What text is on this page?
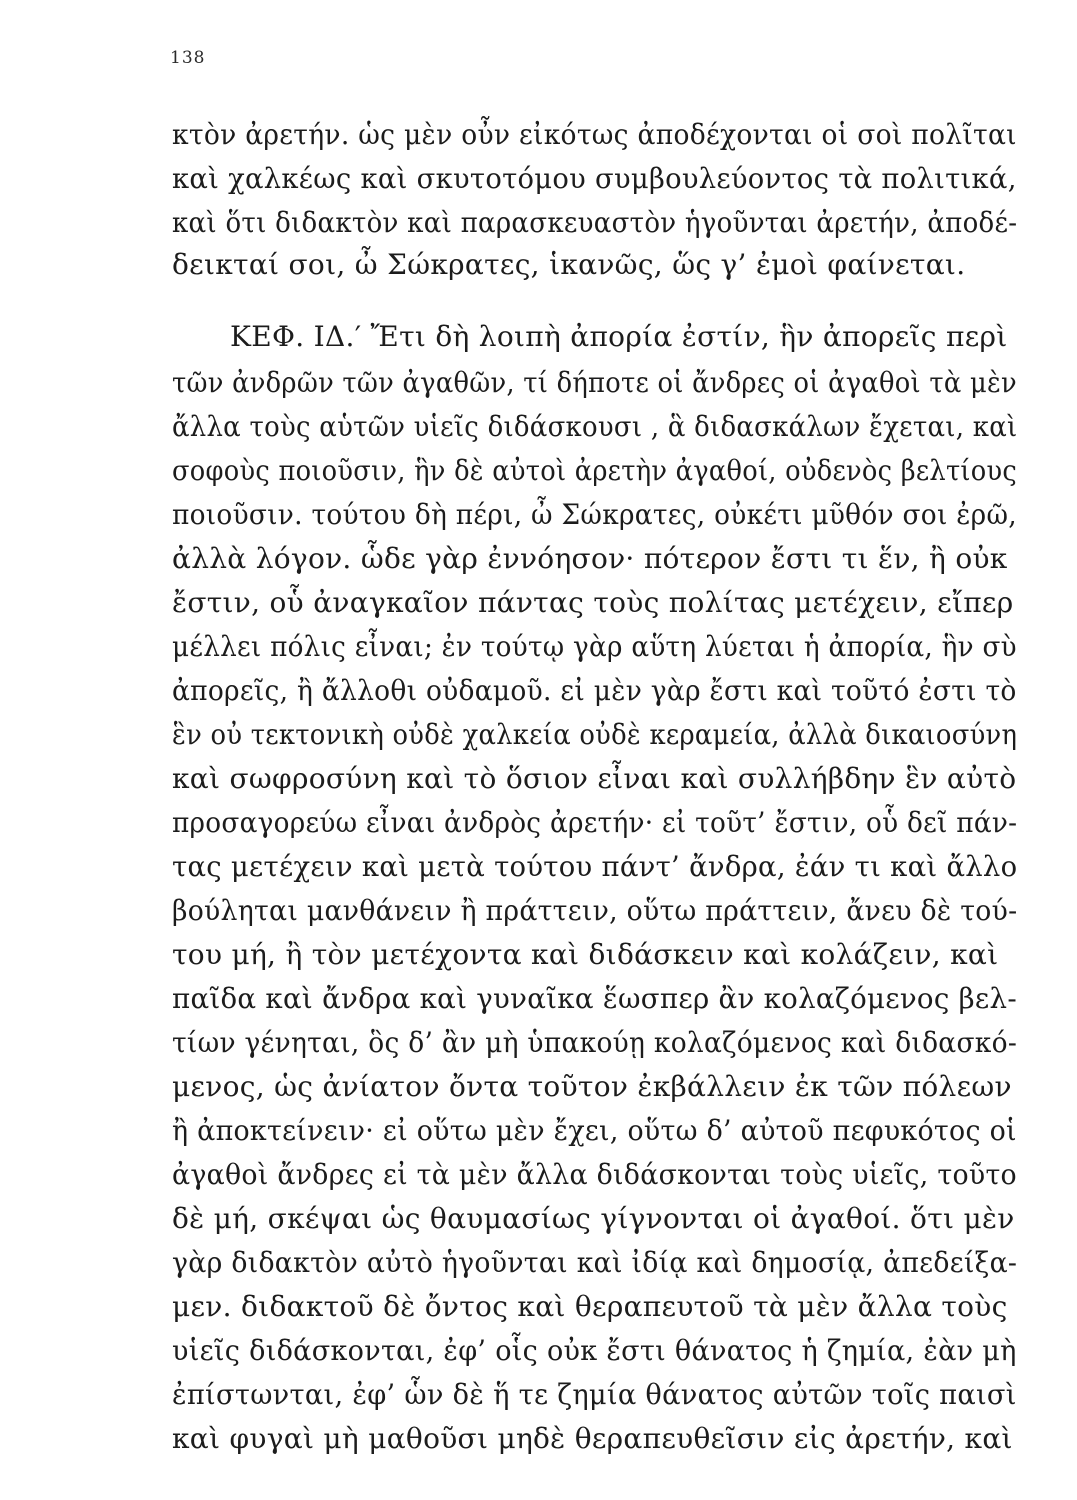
138
κτὸν ἀρετήν. ὡς μὲν οὖν εἰκότως ἀποδέχονται οἱ σοὶ πολῖται
καὶ χαλκέως καὶ σκυτοτόμου συμβουλεύοντος τὰ πολιτικά,
καὶ ὅτι διδακτὸν καὶ παρασκευαστὸν ἡγοῦνται ἀρετήν, ἀποδέ-
δεικταί σοι, ὦ Σώκρατες, ἱκανῶς, ὥς γ’ ἐμοὶ φαίνεται.
ΚΕΦ. ΙΔ.′ Ἔτι δὴ λοιπὴ ἀπορία ἐστίν, ἣν ἀπορεῖς περὶ
τῶν ἀνδρῶν τῶν ἀγαθῶν, τί δήποτε οἱ ἄνδρες οἱ ἀγαθοὶ τὰ μὲν
ἄλλα τοὺς αὑτῶν υἱεῖς διδάσκουσι , ἃ διδασκάλων ἔχεται, καὶ
σοφοὺς ποιοῦσιν, ἣν δὲ αὐτοὶ ἀρετὴν ἀγαθοί, οὐδενὸς βελτίους
ποιοῦσιν. τούτου δὴ πέρι, ὦ Σώκρατες, οὐκέτι μῦθόν σοι ἐρῶ,
ἀλλὰ λόγον. ὧδε γὰρ ἐννόησον· πότερον ἔστι τι ἕν, ἢ οὐκ
ἔστιν, οὗ ἀναγκαῖον πάντας τοὺς πολίτας μετέχειν, εἴπερ
μέλλει πόλις εἶναι; ἐν τούτῳ γὰρ αὕτη λύεται ἡ ἀπορία, ἣν σὺ
ἀπορεῖς, ἢ ἄλλοθι οὐδαμοῦ. εἰ μὲν γὰρ ἔστι καὶ τοῦτό ἐστι τὸ
ἓν οὐ τεκτονικὴ οὐδὲ χαλκεία οὐδὲ κεραμεία, ἀλλὰ δικαιοσύνη
καὶ σωφροσύνη καὶ τὸ ὅσιον εἶναι καὶ συλλήβδην ἓν αὐτὸ
προσαγορεύω εἶναι ἀνδρὸς ἀρετήν· εἰ τοῦτ’ ἔστιν, οὗ δεῖ πάν-
τας μετέχειν καὶ μετὰ τούτου πάντ’ ἄνδρα, ἐάν τι καὶ ἄλλο
βούληται μανθάνειν ἢ πράττειν, οὕτω πράττειν, ἄνευ δὲ τού-
του μή, ἢ τὸν μετέχοντα καὶ διδάσκειν καὶ κολάζειν, καὶ
παῖδα καὶ ἄνδρα καὶ γυναῖκα ἕωσπερ ἂν κολαζόμενος βελ-
τίων γένηται, ὃς δ’ ἂν μὴ ὑπακούῃ κολαζόμενος καὶ διδασκό-
μενος, ὡς ἀνίατον ὄντα τοῦτον ἐκβάλλειν ἐκ τῶν πόλεων
ἢ ἀποκτείνειν· εἰ οὕτω μὲν ἔχει, οὕτω δ’ αὐτοῦ πεφυκότος οἱ
ἀγαθοὶ ἄνδρες εἰ τὰ μὲν ἄλλα διδάσκονται τοὺς υἱεῖς, τοῦτο
δὲ μή, σκέψαι ὡς θαυμασίως γίγνονται οἱ ἀγαθοί. ὅτι μὲν
γὰρ διδακτὸν αὐτὸ ἡγοῦνται καὶ ἰδίᾳ καὶ δημοσίᾳ, ἀπεδείξα-
μεν. διδακτοῦ δὲ ὄντος καὶ θεραπευτοῦ τὰ μὲν ἄλλα τοὺς
υἱεῖς διδάσκονται, ἐφ’ οἷς οὐκ ἔστι θάνατος ἡ ζημία, ἐὰν μὴ
ἐπίστωνται, ἐφ’ ὧν δὲ ἥ τε ζημία θάνατος αὐτῶν τοῖς παισὶ
καὶ φυγαὶ μὴ μαθοῦσι μηδὲ θεραπευθεῖσιν εἰς ἀρετήν, καὶ
